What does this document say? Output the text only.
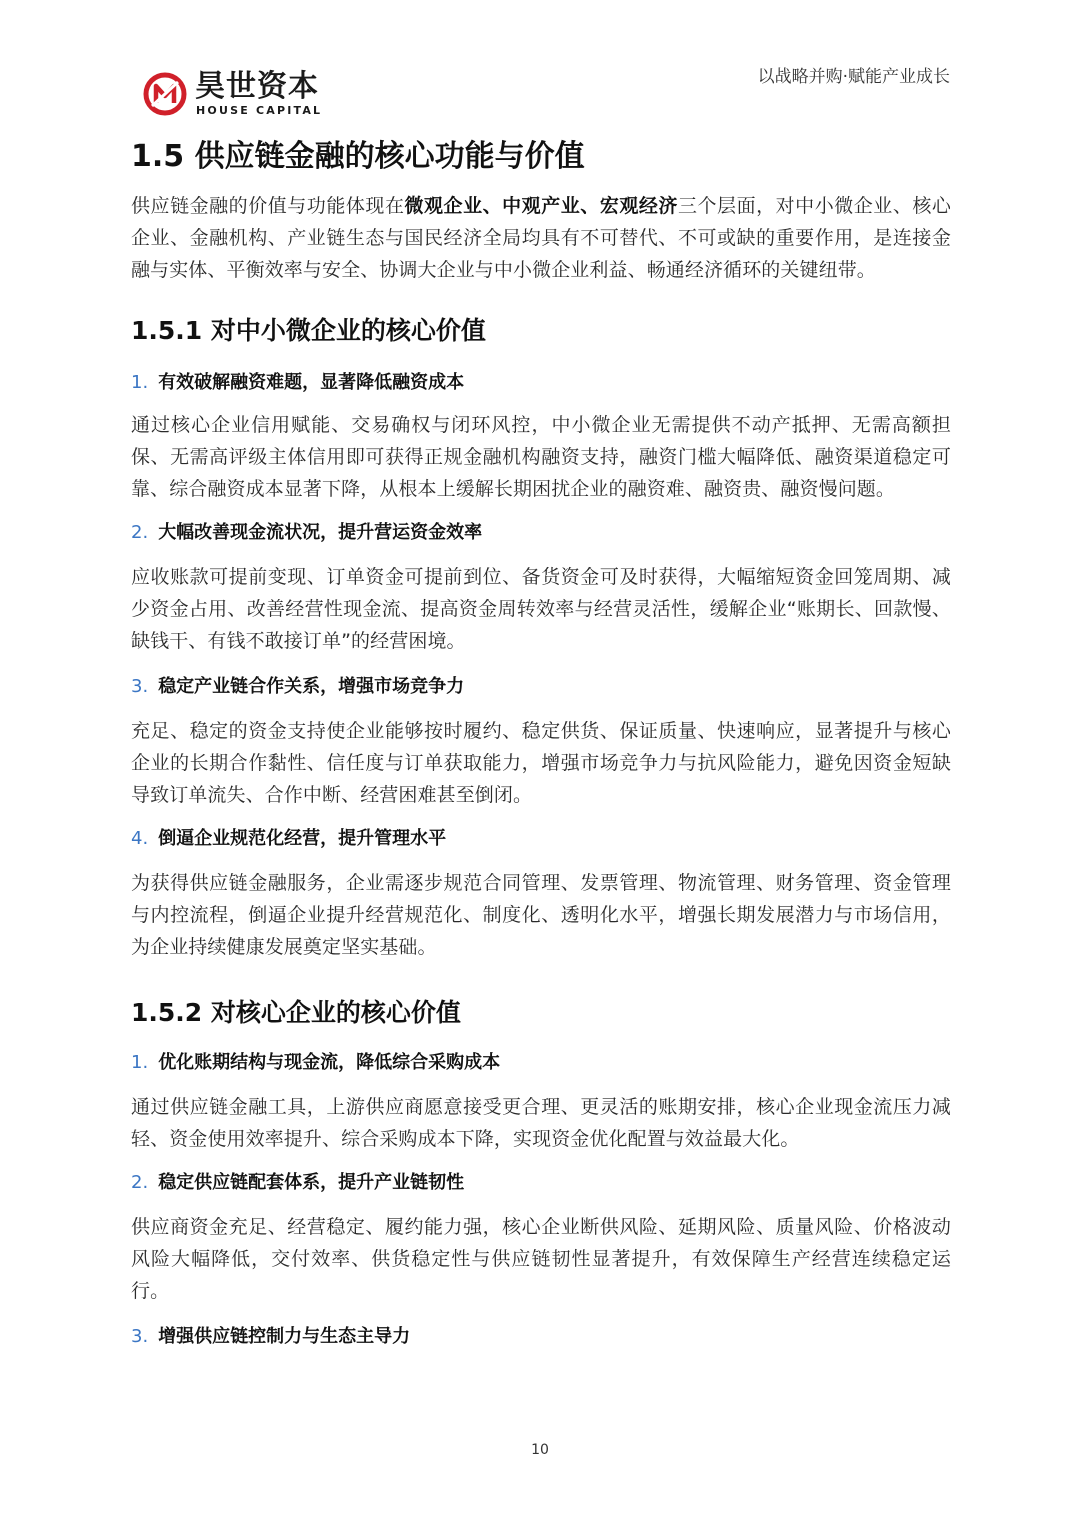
昊世资本
HOUSE CAPITAL
以战略并购·赋能产业成长
1.5 供应链金融的核心功能与价值

供应链金融的价值与功能体现在微观企业、中观产业、宏观经济三个层面，对中小微企业、核心企业、金融机构、产业链生态与国民经济全局均具有不可替代、不可或缺的重要作用，是连接金融与实体、平衡效率与安全、协调大企业与中小微企业利益、畅通经济循环的关键纽带。

1.5.1 对中小微企业的核心价值

1. 有效破解融资难题，显著降低融资成本

通过核心企业信用赋能、交易确权与闭环风控，中小微企业无需提供不动产抵押、无需高额担保、无需高评级主体信用即可获得正规金融机构融资支持，融资门槛大幅降低、融资渠道稳定可靠、综合融资成本显著下降，从根本上缓解长期困扰企业的融资难、融资贵、融资慢问题。

2. 大幅改善现金流状况，提升营运资金效率

应收账款可提前变现、订单资金可提前到位、备货资金可及时获得，大幅缩短资金回笼周期、减少资金占用、改善经营性现金流、提高资金周转效率与经营灵活性，缓解企业“账期长、回款慢、缺钱干、有钱不敢接订单”的经营困境。

3. 稳定产业链合作关系，增强市场竞争力

充足、稳定的资金支持使企业能够按时履约、稳定供货、保证质量、快速响应，显著提升与核心企业的长期合作黏性、信任度与订单获取能力，增强市场竞争力与抗风险能力，避免因资金短缺导致订单流失、合作中断、经营困难甚至倒闭。

4. 倒逼企业规范化经营，提升管理水平

为获得供应链金融服务，企业需逐步规范合同管理、发票管理、物流管理、财务管理、资金管理与内控流程，倒逼企业提升经营规范化、制度化、透明化水平，增强长期发展潜力与市场信用，为企业持续健康发展奠定坚实基础。

1.5.2 对核心企业的核心价值

1. 优化账期结构与现金流，降低综合采购成本

通过供应链金融工具，上游供应商愿意接受更合理、更灵活的账期安排，核心企业现金流压力减轻、资金使用效率提升、综合采购成本下降，实现资金优化配置与效益最大化。

2. 稳定供应链配套体系，提升产业链韧性

供应商资金充足、经营稳定、履约能力强，核心企业断供风险、延期风险、质量风险、价格波动风险大幅降低，交付效率、供货稳定性与供应链韧性显著提升，有效保障生产经营连续稳定运行。

3. 增强供应链控制力与生态主导力

10
